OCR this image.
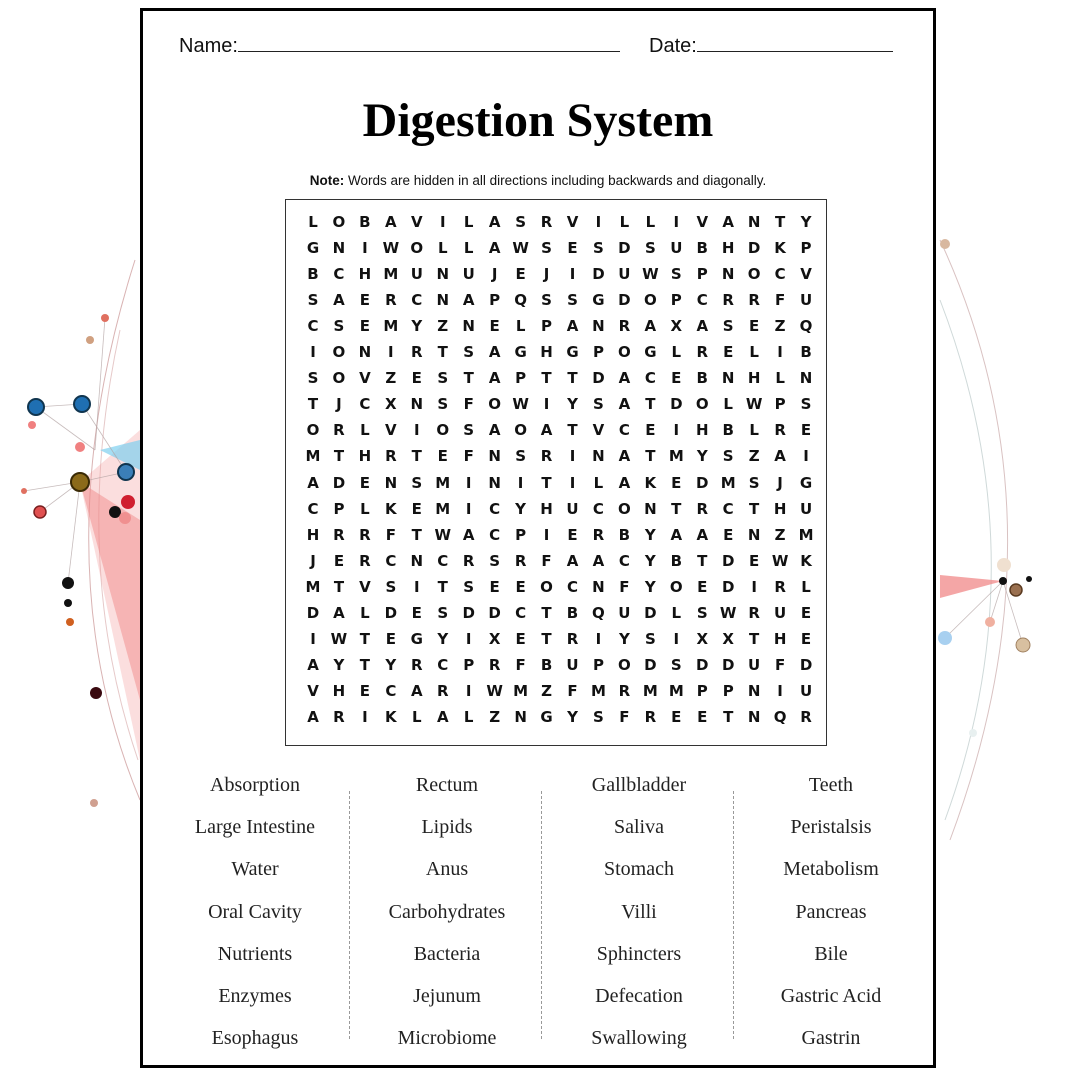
Name:	Date:
Digestion System
Note: Words are hidden in all directions including backwards and diagonally.
L O B A V	I	L	A S R V	I	L	L	I	V A N T	Y
G N	I W O L	L	A W S	E	S D S U B H D K P
B C H M U N U	J	E	J	I	D U W S	P N O C V
S A	E	R C N A P Q S	S G D O P C R R	F U
C	S	E M Y	Z N E	L	P A N R A X A S	E	Z Q
I	O N	I	R	T	S A G H G P O G	L	R	E	L	I	B
S O V Z	E	S	T	A P	T	T D A C	E	B N H L N
T	J	C X N S	F O W I	Y	S A	T D O L W P	S
O R	L	V	I	O S A O A	T	V C	E	I	H B	L	R	E
M T H R	T	E	F N S R	I	N A	T M Y	S	Z A	I
A D E N S M	I	N	I	T	I	L	A K	E D M S	J	G
C P	L	K	E M	I	C	Y H U C O N T	R C	T H U
H R R	F	T W A C P	I	E	R B Y A A	E N Z M
J	E	R C N C R S R	F	A A C	Y B	T D E W K
M T	V S	I	T	S	E	E O C N F	Y O E D	I	R	L
D A	L D E	S D D C	T	B Q U D L	S W R U E
I W T	E G Y	I	X	E	T	R	I	Y	S	I	X X	T H E
A Y	T	Y R C P R	F	B U P O D S D D U F D
V H E	C A R	I W M Z	F M R M M P P N	I	U
A R	I	K	L	A	L	Z N G Y	S	F	R	E	E	T N Q R
Absorption
Large Intestine
Water
Oral Cavity
Nutrients
Enzymes
Esophagus
Rectum
Lipids
Anus
Carbohydrates
Bacteria
Jejunum
Microbiome
Gallbladder
Saliva
Stomach
Villi
Sphincters
Defecation
Swallowing
Teeth
Peristalsis
Metabolism
Pancreas
Bile
Gastric Acid
Gastrin
